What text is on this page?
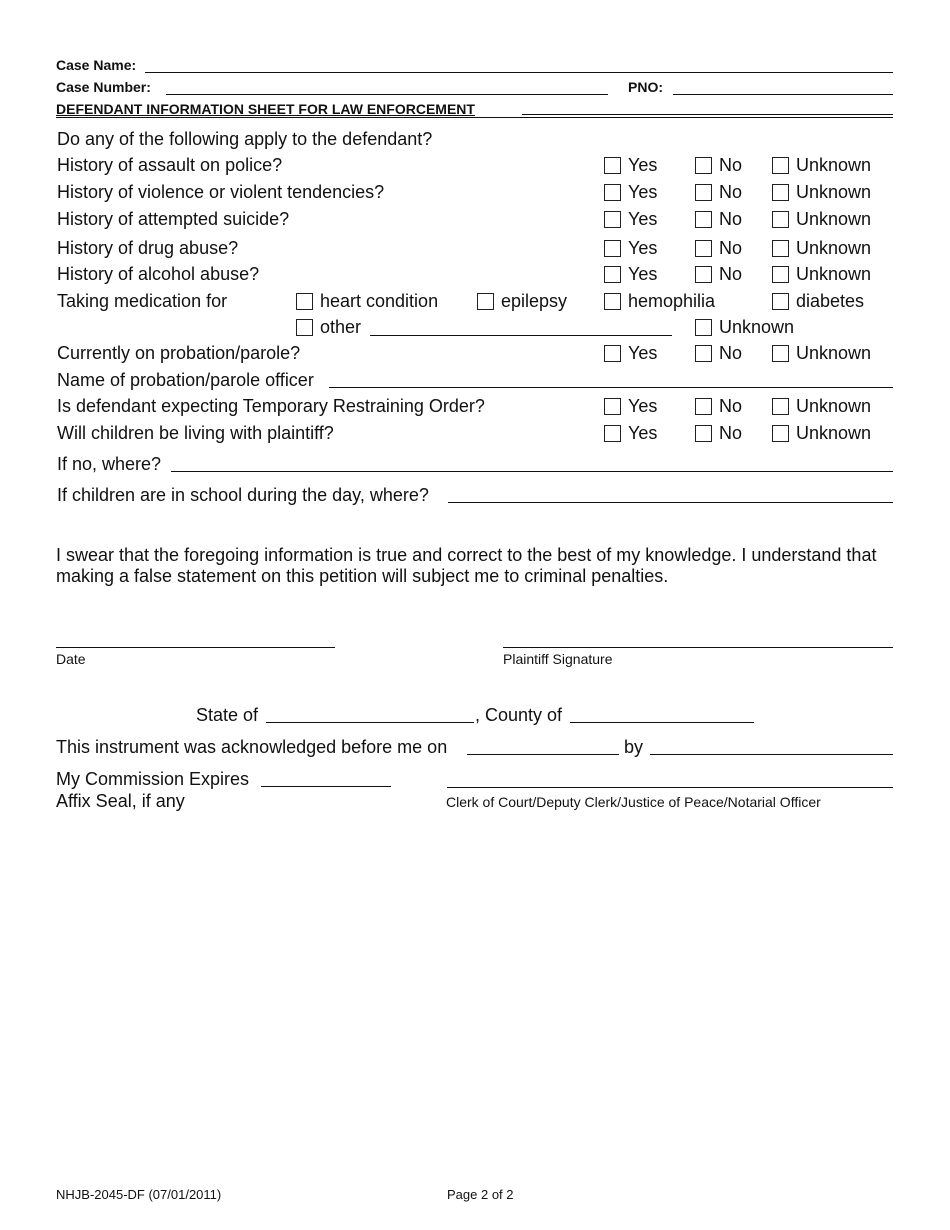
Case Name:
Case Number:	PNO:
DEFENDANT INFORMATION SHEET FOR LAW ENFORCEMENT
Do any of the following apply to the defendant?
History of assault on police?	Yes	No	Unknown
History of violence or violent tendencies?	Yes	No	Unknown
History of attempted suicide?	Yes	No	Unknown
History of drug abuse?	Yes	No	Unknown
History of alcohol abuse?	Yes	No	Unknown
Taking medication for	heart condition	epilepsy	hemophilia	diabetes
other	Unknown
Currently on probation/parole?	Yes	No	Unknown
Name of probation/parole officer
Is defendant expecting Temporary Restraining Order?	Yes	No	Unknown
Will children be living with plaintiff?	Yes	No	Unknown
If no, where?
If children are in school during the day, where?
I swear that the foregoing information is true and correct to the best of my knowledge. I understand that making a false statement on this petition will subject me to criminal penalties.
Date	Plaintiff Signature
State of	, County of
This instrument was acknowledged before me on	by
My Commission Expires
Affix Seal, if any	Clerk of Court/Deputy Clerk/Justice of Peace/Notarial Officer
NHJB-2045-DF (07/01/2011)	Page 2 of 2
